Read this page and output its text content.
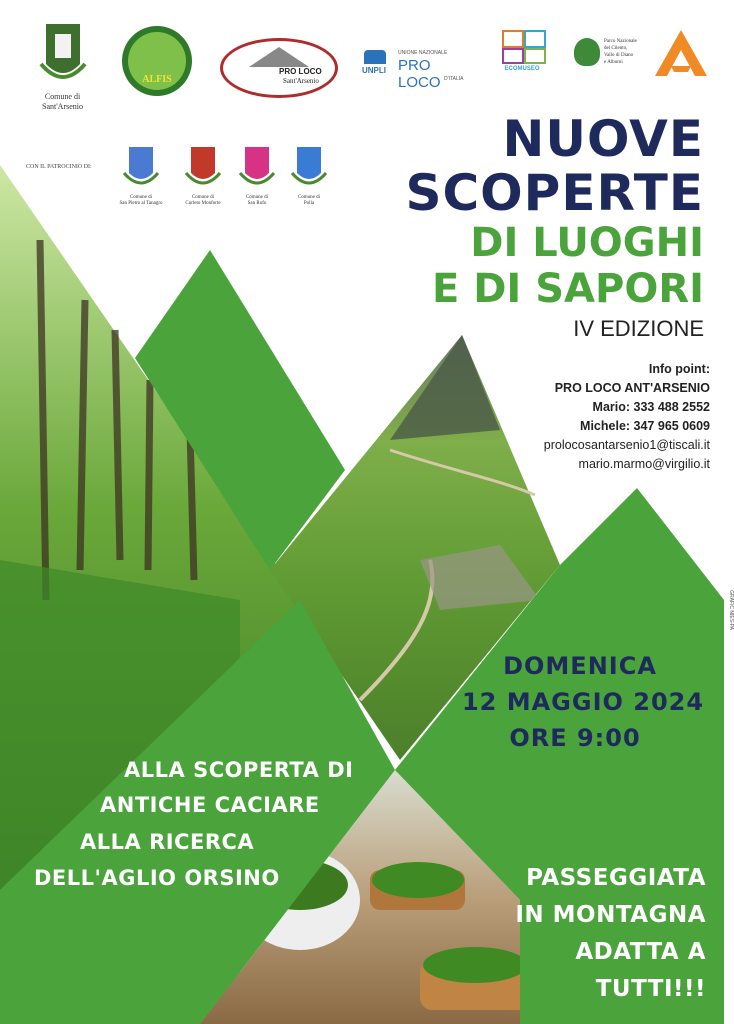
Comune di
Sant'Arsenio
ALFIS
PRO LOCO
Sant'Arsenio
UNPLI
UNIONE NAZIONALE
PRO LOCO D'ITALIA
ECOMUSEO
Parco Nazionale
del Cilento,
Vallo di Diano
e Alburni
CON IL PATROCINIO DI:
Comune di
San Pietro al Tanagro
Comune di
Corleto Monforte
Comune di
San Rufo
Comune di
Polla
NUOVE
SCOPERTE
DI LUOGHI
E DI SAPORI
IV EDIZIONE
Info point:
PRO LOCO ANT'ARSENIO
Mario: 333 488 2552
Michele: 347 965 0609
prolocosantarsenio1@tiscali.it
mario.marmo@virgilio.it
DOMENICA
12 MAGGIO 2024
ORE 9:00
ALLA SCOPERTA DI
ANTICHE CACIARE
ALLA RICERCA
DELL'AGLIO ORSINO	PASSEGGIATA
IN MONTAGNA
ADATTA A
TUTTI!!!
GRAFIC NIES-PA
